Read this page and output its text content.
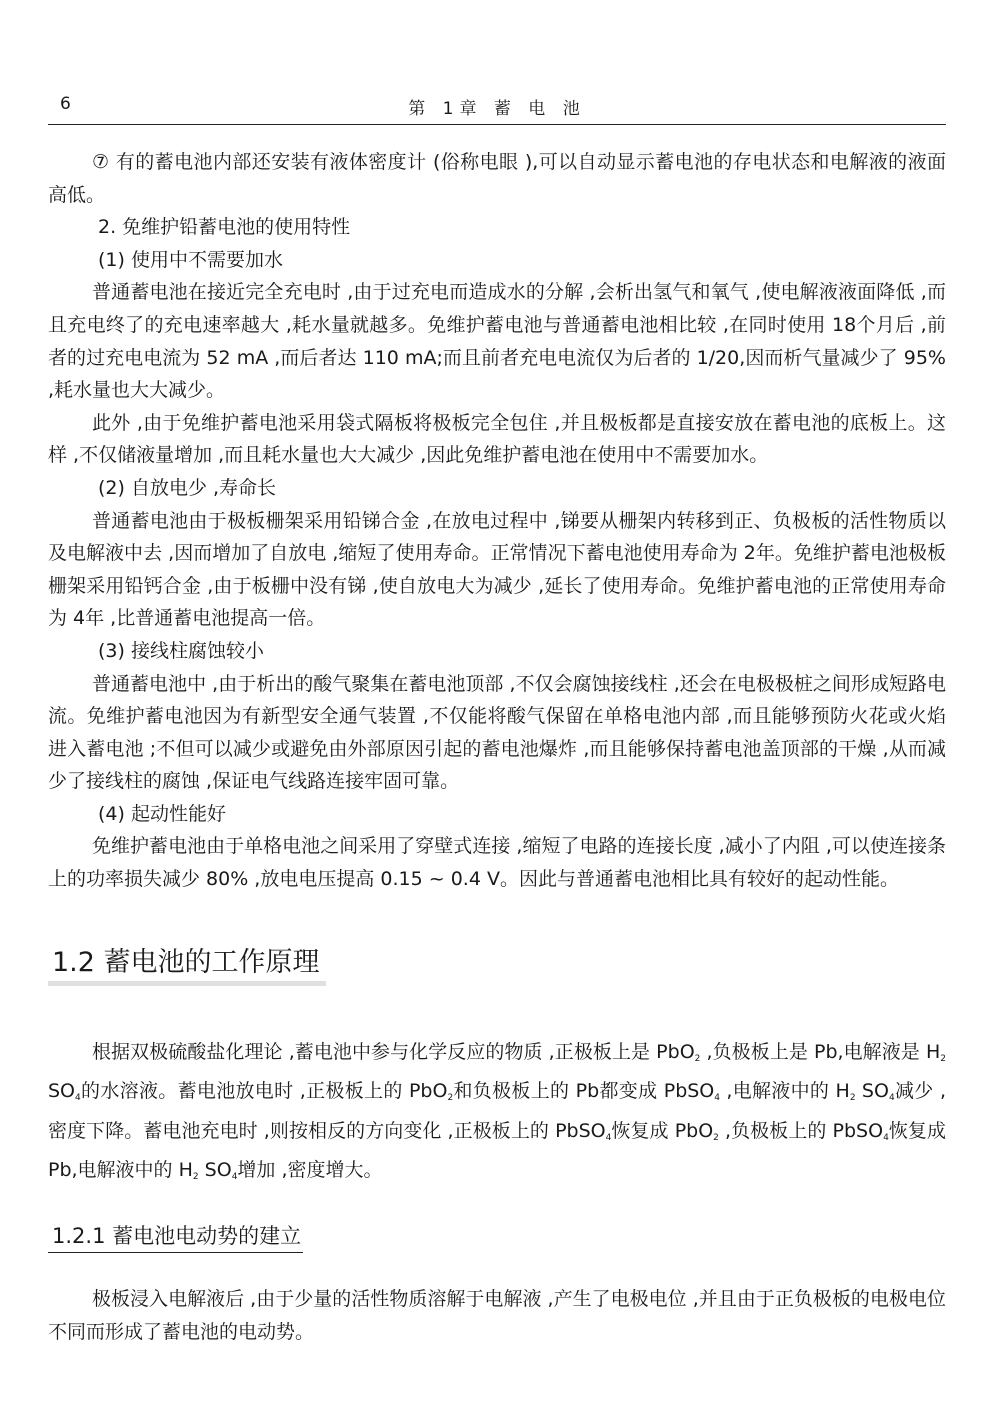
6	第 1章 蓄 电 池

⑦ 有的蓄电池内部还安装有液体密度计 (俗称电眼 ),可以自动显示蓄电池的存电状态和电解液的液面高低。

2. 免维护铅蓄电池的使用特性

(1) 使用中不需要加水

普通蓄电池在接近完全充电时 ,由于过充电而造成水的分解 ,会析出氢气和氧气 ,使电解液液面降低 ,而且充电终了的充电速率越大 ,耗水量就越多。免维护蓄电池与普通蓄电池相比较 ,在同时使用 18个月后 ,前者的过充电电流为 52 mA ,而后者达 110 mA;而且前者充电电流仅为后者的 1/20,因而析气量减少了 95% ,耗水量也大大减少。

此外 ,由于免维护蓄电池采用袋式隔板将极板完全包住 ,并且极板都是直接安放在蓄电池的底板上。这样 ,不仅储液量增加 ,而且耗水量也大大减少 ,因此免维护蓄电池在使用中不需要加水。

(2) 自放电少 ,寿命长

普通蓄电池由于极板栅架采用铅锑合金 ,在放电过程中 ,锑要从栅架内转移到正、负极板的活性物质以及电解液中去 ,因而增加了自放电 ,缩短了使用寿命。正常情况下蓄电池使用寿命为 2年。免维护蓄电池极板栅架采用铅钙合金 ,由于板栅中没有锑 ,使自放电大为减少 ,延长了使用寿命。免维护蓄电池的正常使用寿命为 4年 ,比普通蓄电池提高一倍。

(3) 接线柱腐蚀较小

普通蓄电池中 ,由于析出的酸气聚集在蓄电池顶部 ,不仅会腐蚀接线柱 ,还会在电极极桩之间形成短路电流。免维护蓄电池因为有新型安全通气装置 ,不仅能将酸气保留在单格电池内部 ,而且能够预防火花或火焰进入蓄电池 ;不但可以减少或避免由外部原因引起的蓄电池爆炸 ,而且能够保持蓄电池盖顶部的干燥 ,从而减少了接线柱的腐蚀 ,保证电气线路连接牢固可靠。

(4) 起动性能好

免维护蓄电池由于单格电池之间采用了穿壁式连接 ,缩短了电路的连接长度 ,减小了内阻 ,可以使连接条上的功率损失减少 80% ,放电电压提高 0.15 ~ 0.4 V。因此与普通蓄电池相比具有较好的起动性能。

1.2 蓄电池的工作原理

根据双极硫酸盐化理论 ,蓄电池中参与化学反应的物质 ,正极板上是 PbO$_2$ ,负极板上是 Pb,电解液是 $H_2$ $SO_4$的水溶液。蓄电池放电时 ,正极板上的 PbO$_2$和负极板上的 Pb都变成 PbSO$_4$ ,电解液中的 $H_2$ $SO_4$减少 ,密度下降。蓄电池充电时 ,则按相反的方向变化 ,正极板上的 PbSO$_4$恢复成 PbO$_2$ ,负极板上的 PbSO$_4$恢复成 Pb,电解液中的 $H_2$ $SO_4$增加 ,密度增大。

1.2.1 蓄电池电动势的建立

极板浸入电解液后 ,由于少量的活性物质溶解于电解液 ,产生了电极电位 ,并且由于正负极板的电极电位不同而形成了蓄电池的电动势。
